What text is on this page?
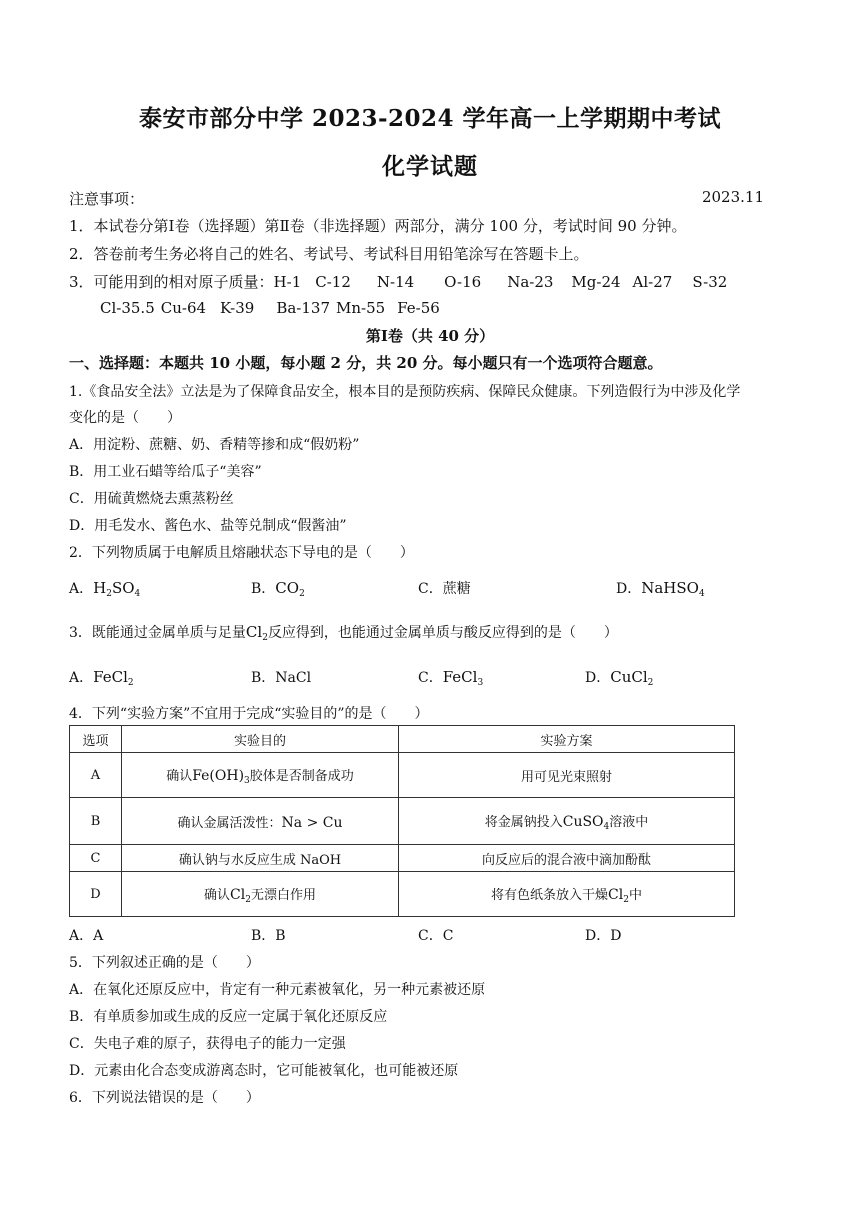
泰安市部分中学 2023-2024 学年高一上学期期中考试
化学试题
注意事项：	2023.11
1．本试卷分第Ⅰ卷（选择题）第Ⅱ卷（非选择题）两部分，满分 100 分，考试时间 90 分钟。
2．答卷前考生务必将自己的姓名、考试号、考试科目用铅笔涂写在答题卡上。
3．可能用到的相对原子质量：H-1 C-12 N-14 O-16 Na-23 Mg-24 Al-27 S-32
Cl-35.5 Cu-64 K-39 Ba-137 Mn-55 Fe-56
第Ⅰ卷（共 40 分）
一、选择题：本题共 10 小题，每小题 2 分，共 20 分。每小题只有一个选项符合题意。
1.《食品安全法》立法是为了保障食品安全，根本目的是预防疾病、保障民众健康。下列造假行为中涉及化学
变化的是（　　）
A．用淀粉、蔗糖、奶、香精等掺和成“假奶粉”
B．用工业石蜡等给瓜子“美容”
C．用硫黄燃烧去熏蒸粉丝
D．用毛发水、酱色水、盐等兑制成“假酱油”
2．下列物质属于电解质且熔融状态下导电的是（　　）
A．$H_2SO_4$	B．$CO_2$	C．蔗糖	D．NaHSO$_4$
3．既能通过金属单质与足量$Cl_2$反应得到，也能通过金属单质与酸反应得到的是（　　）
A．FeCl$_2$	B．NaCl	C．FeCl$_3$	D．CuCl$_2$
4．下列“实验方案”不宜用于完成“实验目的”的是（　　）
选项	实验目的	实验方案
A	确认$Fe(OH)_3$胶体是否制备成功	用可见光束照射
B	确认金属活泼性：Na > Cu	将金属钠投入CuSO$_4$溶液中
C	确认钠与水反应生成 NaOH	向反应后的混合液中滴加酚酞
D	确认$Cl_2$无漂白作用	将有色纸条放入干燥$Cl_2$中
A．A	B．B	C．C	D．D
5．下列叙述正确的是（　　）
A．在氧化还原反应中，肯定有一种元素被氧化，另一种元素被还原
B．有单质参加或生成的反应一定属于氧化还原反应
C．失电子难的原子，获得电子的能力一定强
D．元素由化合态变成游离态时，它可能被氧化，也可能被还原
6．下列说法错误的是（　　）
